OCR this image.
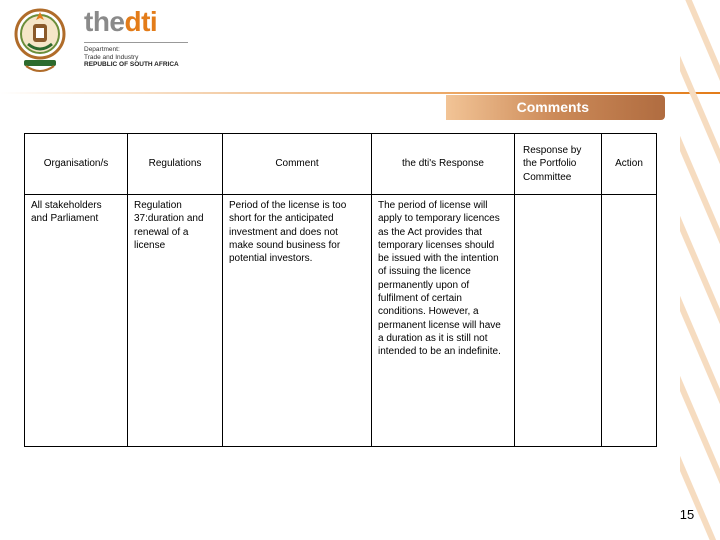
thedti
Department:
Trade and Industry
REPUBLIC OF SOUTH AFRICA
Comments
Organisation/s	Regulations	Comment	the dti's Response	Response by the Portfolio Committee	Action
All stakeholders and Parliament	Regulation 37:duration and renewal of a license	Period of the license is too short for the anticipated investment and does not make sound business for potential investors.	The period of license will apply to temporary licences as the Act provides that temporary licenses should be issued with the intention of issuing the licence permanently upon of fulfilment of certain conditions. However, a permanent license will have a duration as it is still not intended to be an indefinite.		
15
